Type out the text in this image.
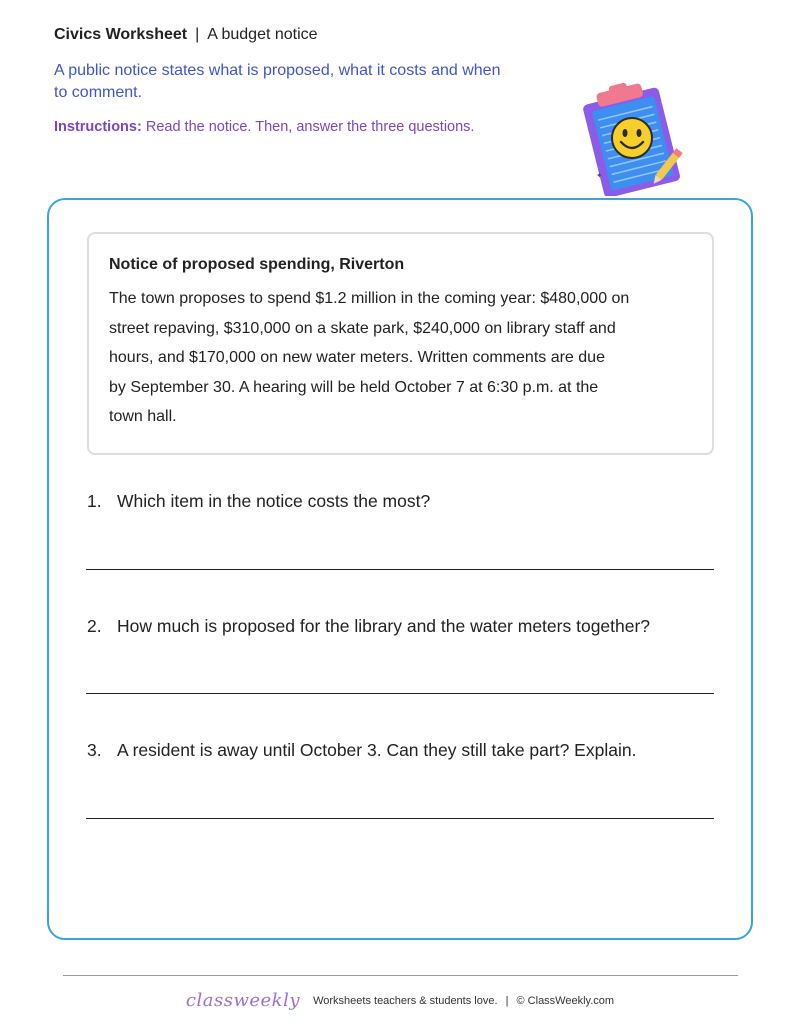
Civics Worksheet | A budget notice
A public notice states what is proposed, what it costs and when
to comment.
Instructions: Read the notice. Then, answer the three questions.
✦
✦
Notice of proposed spending, Riverton
The town proposes to spend $1.2 million in the coming year: $480,000 on
street repaving, $310,000 on a skate park, $240,000 on library staff and
hours, and $170,000 on new water meters. Written comments are due
by September 30. A hearing will be held October 7 at 6:30 p.m. at the
town hall.
1. Which item in the notice costs the most?
2. How much is proposed for the library and the water meters together?
3. A resident is away until October 3. Can they still take part? Explain.
classweekly Worksheets teachers & students love. | © ClassWeekly.com
